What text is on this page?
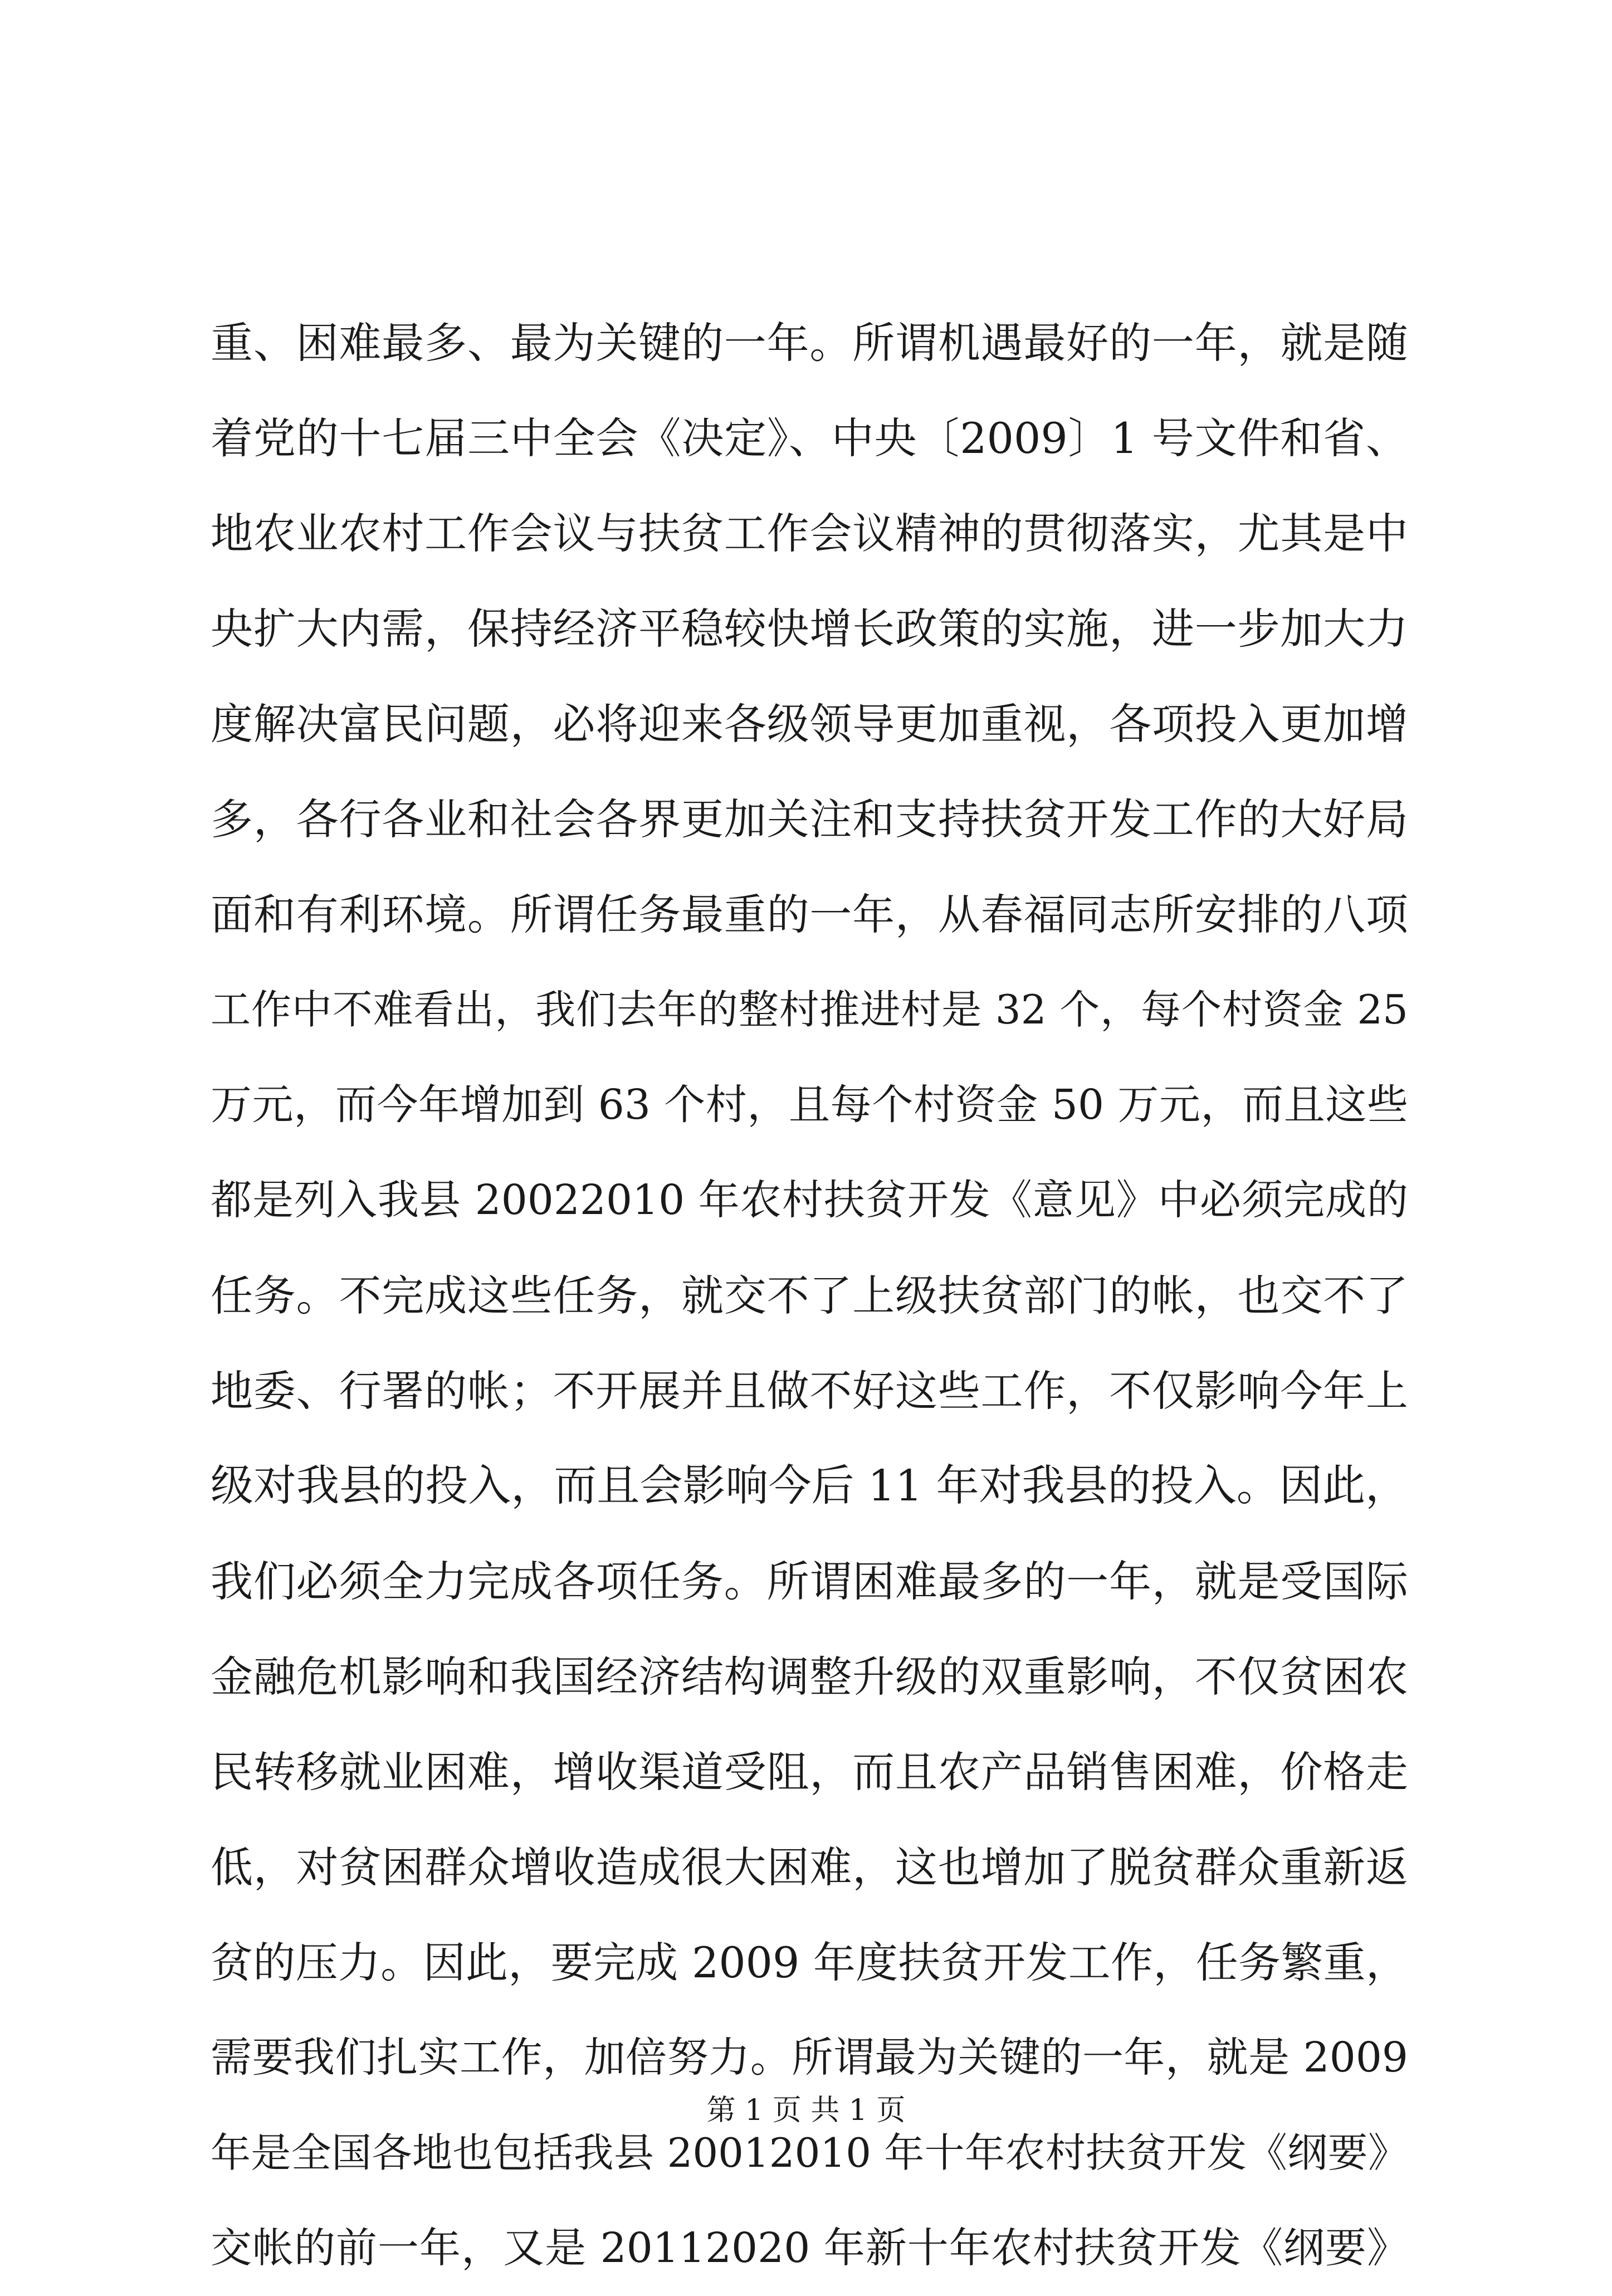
重、困难最多、最为关键的一年。所谓机遇最好的一年，就是随
着党的十七届三中全会《决定》、中央〔2009〕1 号文件和省、
地农业农村工作会议与扶贫工作会议精神的贯彻落实，尤其是中
央扩大内需，保持经济平稳较快增长政策的实施，进一步加大力
度解决富民问题，必将迎来各级领导更加重视，各项投入更加增
多，各行各业和社会各界更加关注和支持扶贫开发工作的大好局
面和有利环境。所谓任务最重的一年，从春福同志所安排的八项
工作中不难看出，我们去年的整村推进村是 32 个，每个村资金 25
万元，而今年增加到 63 个村，且每个村资金 50 万元，而且这些
都是列入我县 20022010 年农村扶贫开发《意见》中必须完成的
任务。不完成这些任务，就交不了上级扶贫部门的帐，也交不了
地委、行署的帐；不开展并且做不好这些工作，不仅影响今年上
级对我县的投入，而且会影响今后 11 年对我县的投入。因此，
我们必须全力完成各项任务。所谓困难最多的一年，就是受国际
金融危机影响和我国经济结构调整升级的双重影响，不仅贫困农
民转移就业困难，增收渠道受阻，而且农产品销售困难，价格走
低，对贫困群众增收造成很大困难，这也增加了脱贫群众重新返
贫的压力。因此，要完成 2009 年度扶贫开发工作，任务繁重，
需要我们扎实工作，加倍努力。所谓最为关键的一年，就是 2009
年是全国各地也包括我县 20012010 年十年农村扶贫开发《纲要》
交帐的前一年，又是 20112020 年新十年农村扶贫开发《纲要》
第 1 页 共 1 页
